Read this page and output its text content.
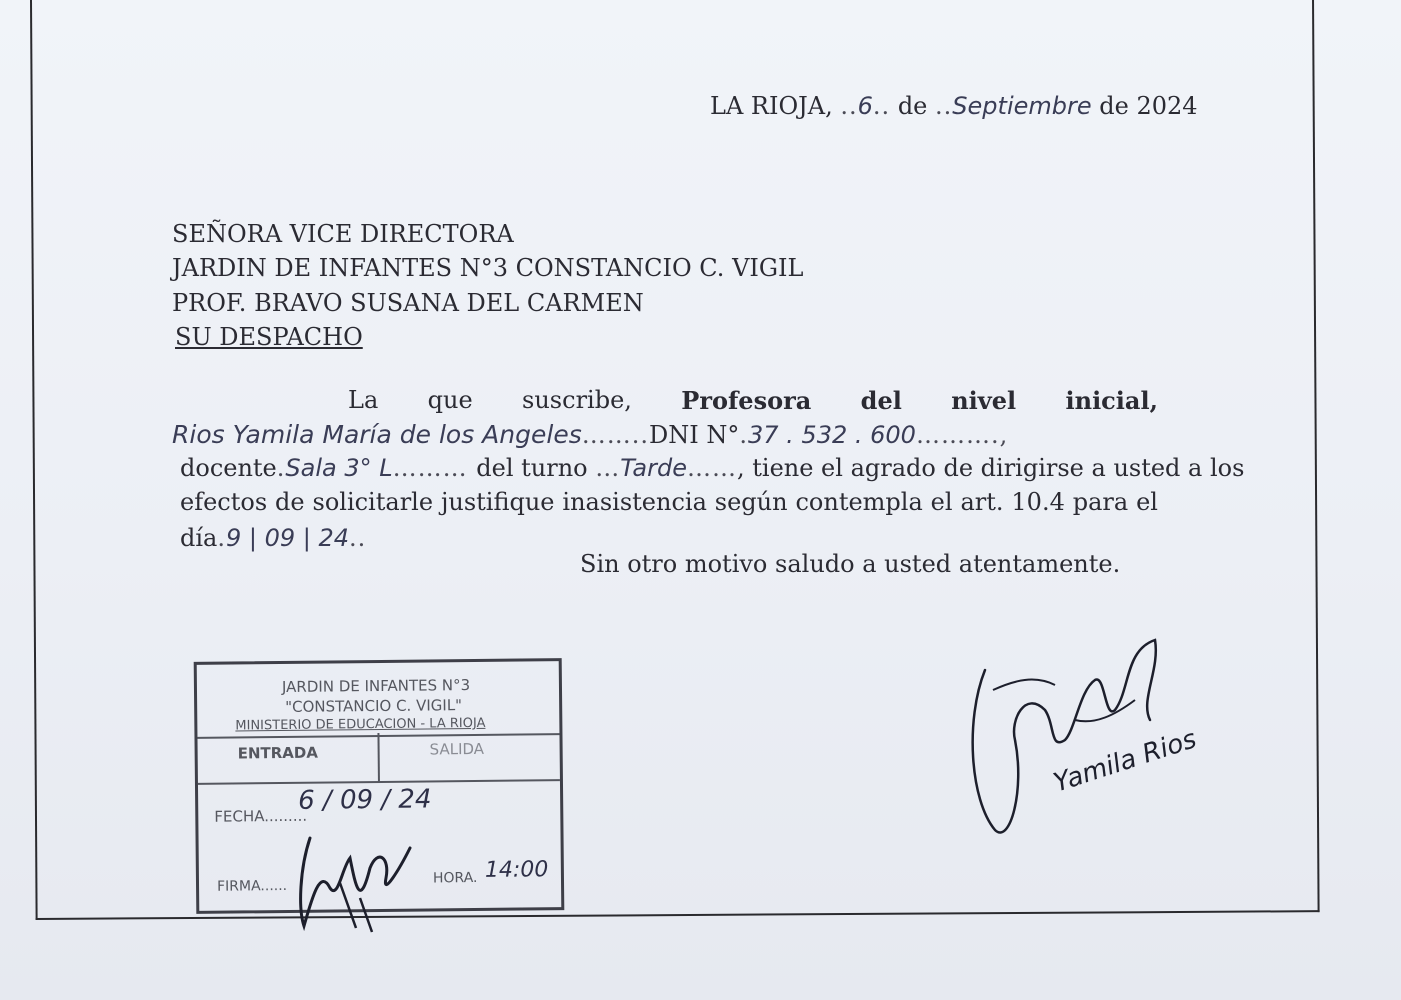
LA RIOJA, ..6.. de ..Septiembre de 2024
SEÑORA VICE DIRECTORA
JARDIN DE INFANTES N°3 CONSTANCIO C. VIGIL
PROF. BRAVO SUSANA DEL CARMEN
SU DESPACHO
La que suscribe, Profesora del nivel inicial,
Rios Yamila María de los Angeles……..DNI N°.37 . 532 . 600……….,
docente.Sala 3° L……… del turno …Tarde……, tiene el agrado de dirigirse a usted a los
efectos de solicitarle justifique inasistencia según contempla el art. 10.4 para el
día.9 | 09 | 24..
Sin otro motivo saludo a usted atentamente.
JARDIN DE INFANTES N°3
"CONSTANCIO C. VIGIL"
MINISTERIO DE EDUCACION - LA RIOJA
ENTRADA	SALIDA
FECHA.........
6 / 09 / 24
FIRMA......	HORA. 14:00
Yamila Rios
